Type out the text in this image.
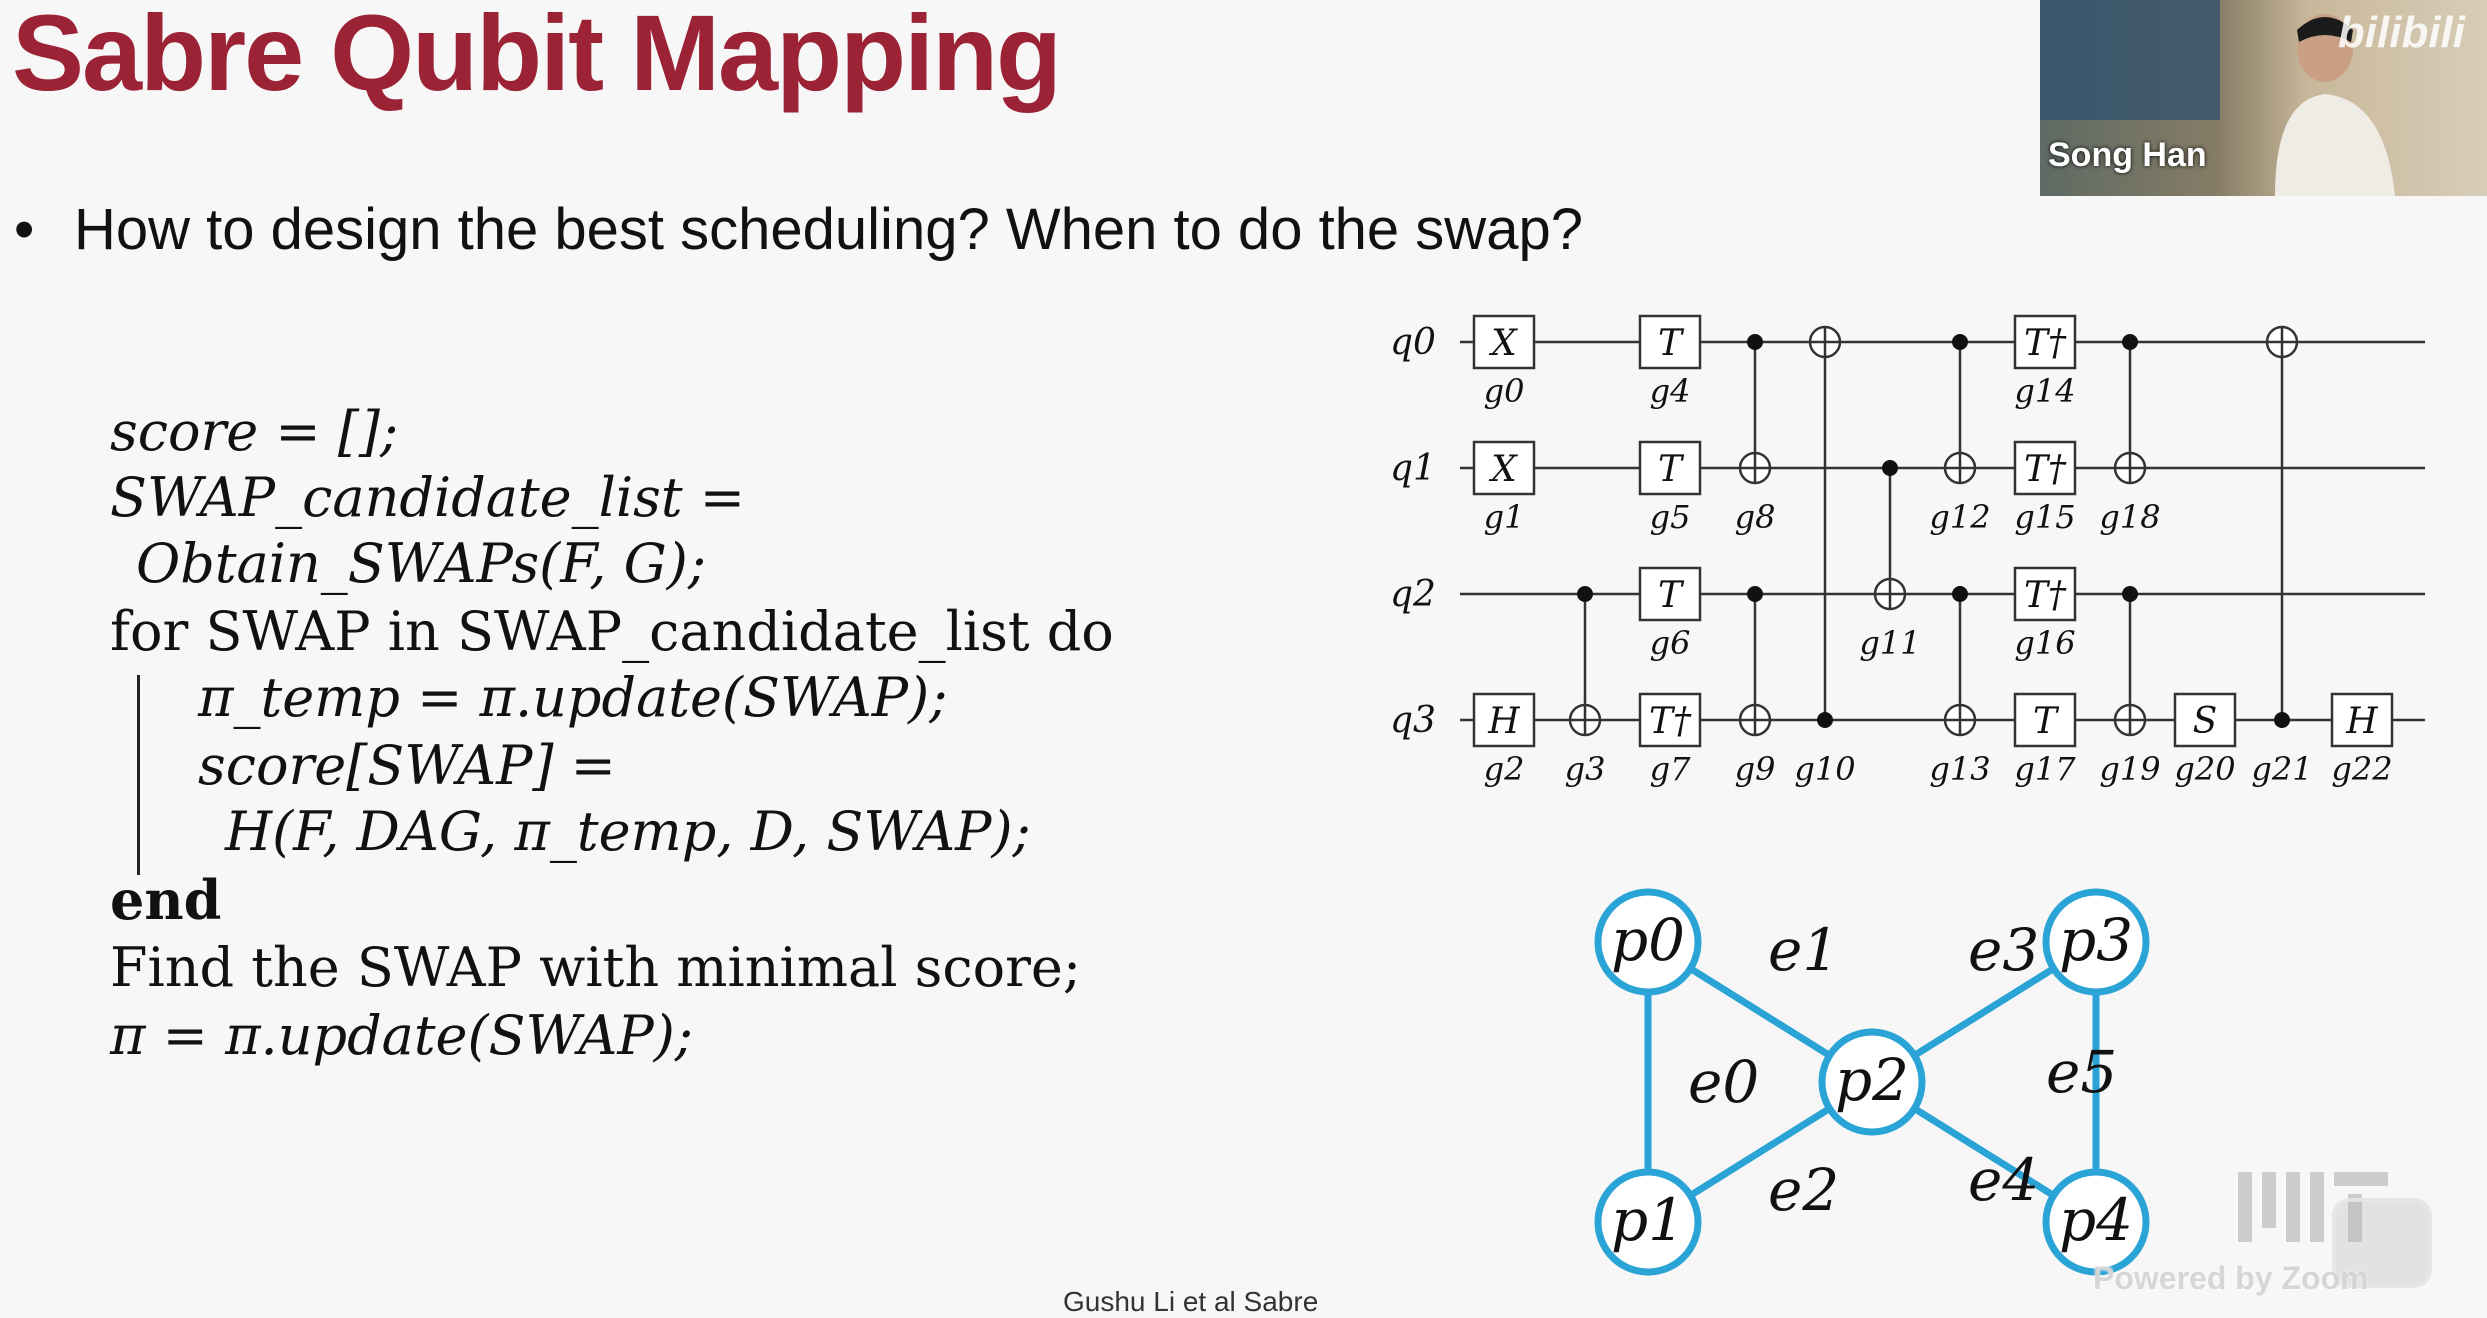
Sabre Qubit Mapping
• How to design the best scheduling? When to do the swap?
score = [];
SWAP_candidate_list =
Obtain_SWAPs(F, G);
for SWAP in SWAP_candidate_list do
π_temp = π.update(SWAP);
score[SWAP] =
H(F, DAG, π_temp, D, SWAP);
end
Find the SWAP with minimal score;
π = π.update(SWAP);
q0
q1
q2
q3
X
g0
X
g1
H
g2 g3
T
g4
T
g5
T
g6
T†
g7
g8
g9 g10
g11
g12
g13
T†
g14
T†
g15
T†
g16
T
g17
g18
g19
S
g20 g21
H
g22
e0
e1
e2
e3
e4
e5
p0
p1
p2
p3
p4
bilibili
Song Han
Gushu Li et al Sabre
Powered by Zoom
